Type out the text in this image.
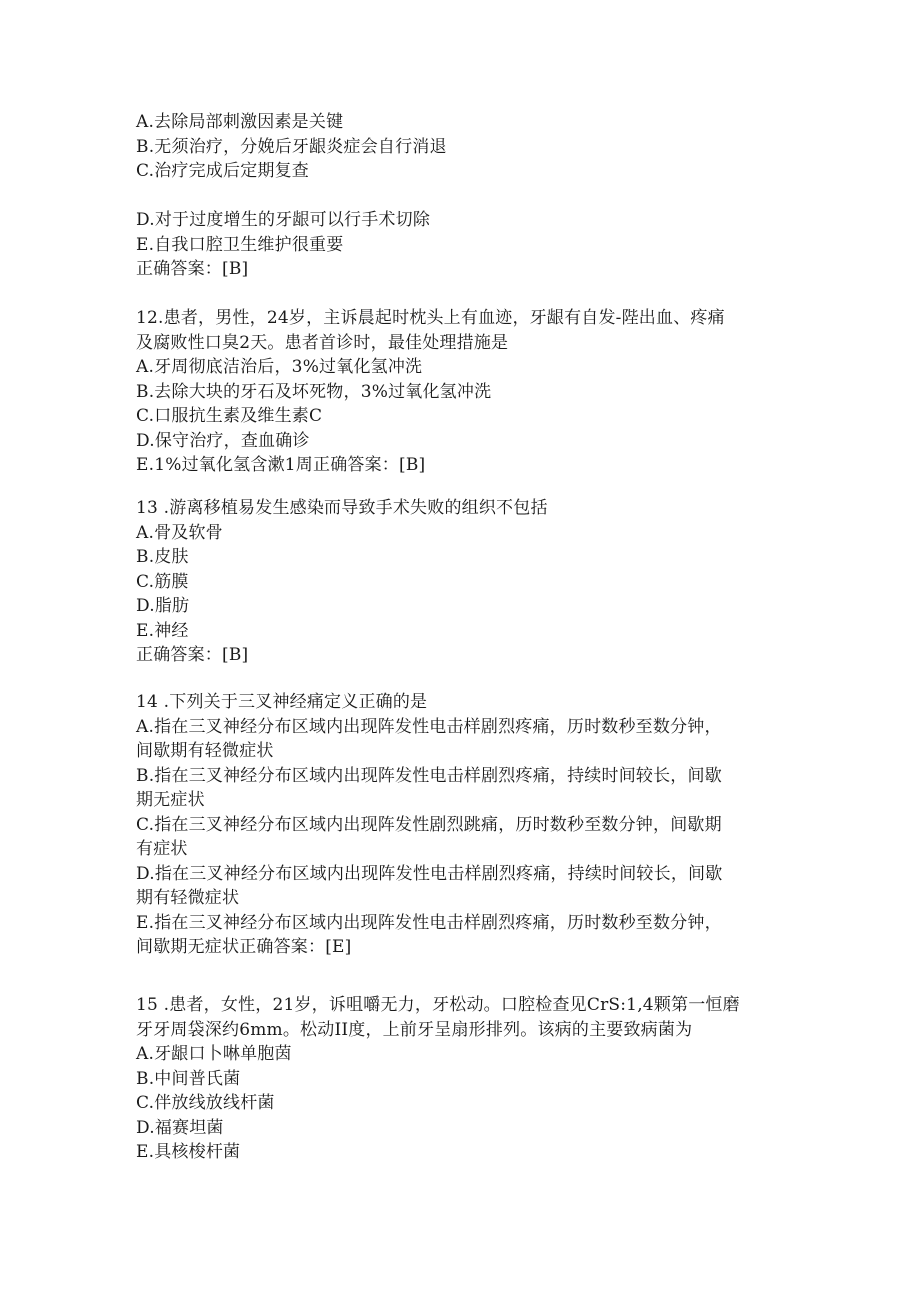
A.去除局部刺激因素是关键
B.无须治疗，分娩后牙龈炎症会自行消退
C.治疗完成后定期复查
D.对于过度增生的牙龈可以行手术切除
E.自我口腔卫生维护很重要
正确答案：[B]
12.患者，男性，24岁，主诉晨起时枕头上有血迹，牙龈有自发-陛出血、疼痛
及腐败性口臭2天。患者首诊时，最佳处理措施是
A.牙周彻底洁治后，3%过氧化氢冲洗
B.去除大块的牙石及坏死物，3%过氧化氢冲洗
C.口服抗生素及维生素C
D.保守治疗，查血确诊
E.1%过氧化氢含漱1周正确答案：[B]
13 .游离移植易发生感染而导致手术失败的组织不包括
A.骨及软骨
B.皮肤
C.筋膜
D.脂肪
E.神经
正确答案：[B]
14 .下列关于三叉神经痛定义正确的是
A.指在三叉神经分布区域内出现阵发性电击样剧烈疼痛，历时数秒至数分钟，
间歇期有轻微症状
B.指在三叉神经分布区域内出现阵发性电击样剧烈疼痛，持续时间较长，间歇
期无症状
C.指在三叉神经分布区域内出现阵发性剧烈跳痛，历时数秒至数分钟，间歇期
有症状
D.指在三叉神经分布区域内出现阵发性电击样剧烈疼痛，持续时间较长，间歇
期有轻微症状
E.指在三叉神经分布区域内出现阵发性电击样剧烈疼痛，历时数秒至数分钟，
间歇期无症状正确答案：[E]
15 .患者，女性，21岁，诉咀嚼无力，牙松动。口腔检查见CrS:1,4颗第一恒磨
牙牙周袋深约6mm。松动II度，上前牙呈扇形排列。该病的主要致病菌为
A.牙龈口卜啉单胞茵
B.中间普氏菌
C.伴放线放线杆菌
D.福赛坦菌
E.具核梭杆菌
